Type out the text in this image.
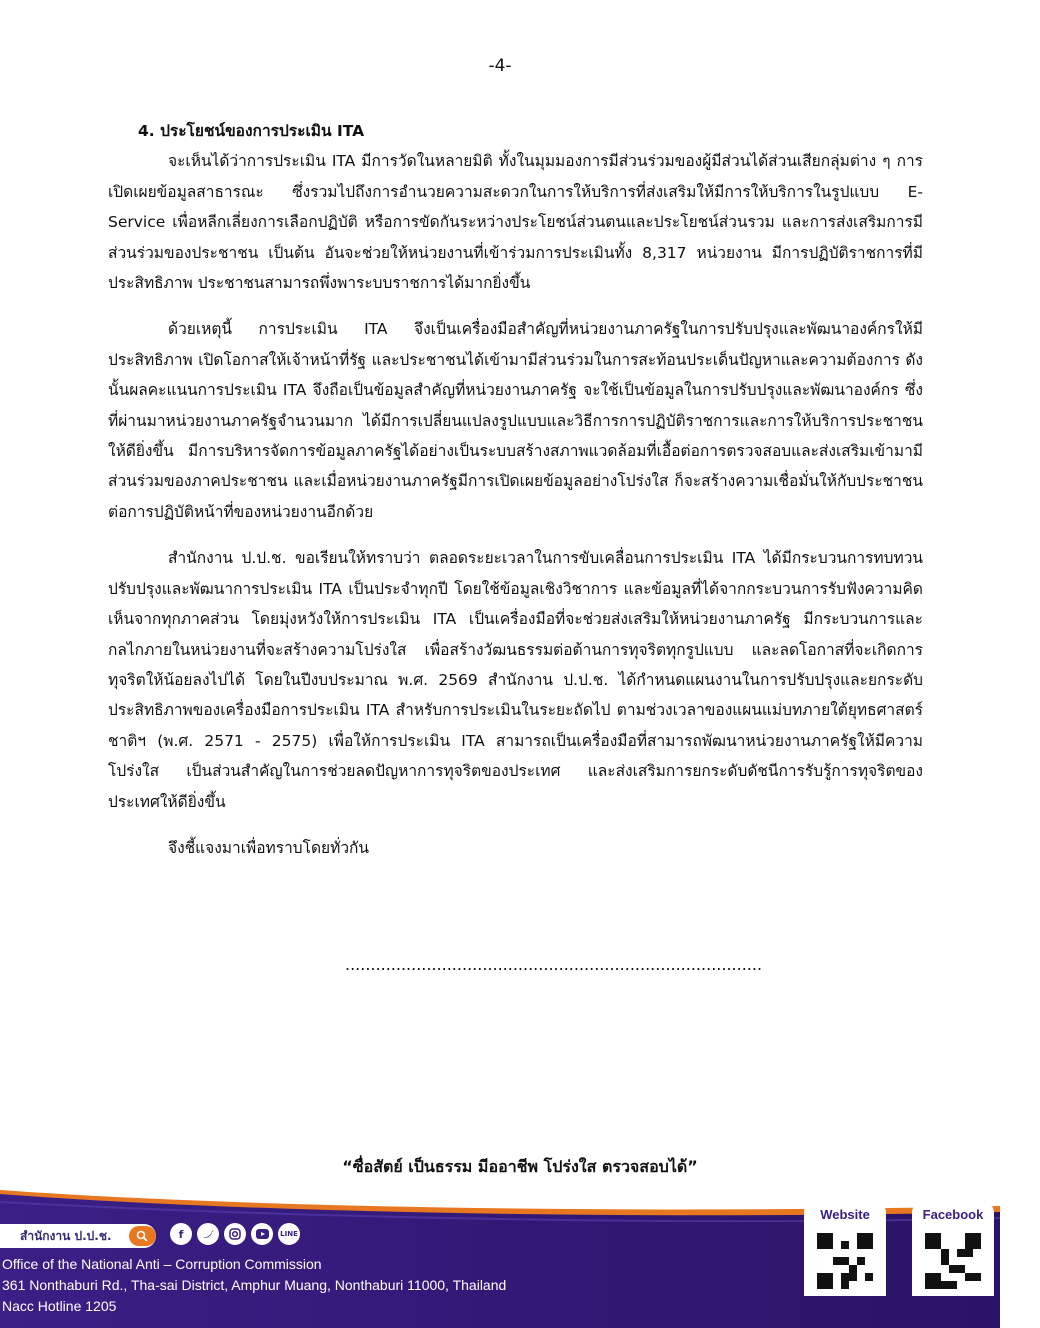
-4-
4. ประโยชน์ของการประเมิน ITA

จะเห็นได้ว่าการประเมิน ITA มีการวัดในหลายมิติ ทั้งในมุมมองการมีส่วนร่วมของผู้มีส่วนได้ส่วนเสียกลุ่มต่าง ๆ การเปิดเผยข้อมูลสาธารณะ ซึ่งรวมไปถึงการอำนวยความสะดวกในการให้บริการที่ส่งเสริมให้มีการให้บริการในรูปแบบ E-Service เพื่อหลีกเลี่ยงการเลือกปฏิบัติ หรือการขัดกันระหว่างประโยชน์ส่วนตนและประโยชน์ส่วนรวม และการส่งเสริมการมีส่วนร่วมของประชาชน เป็นต้น อันจะช่วยให้หน่วยงานที่เข้าร่วมการประเมินทั้ง 8,317 หน่วยงาน มีการปฏิบัติราชการที่มีประสิทธิภาพ ประชาชนสามารถพึ่งพาระบบราชการได้มากยิ่งขึ้น

ด้วยเหตุนี้ การประเมิน ITA จึงเป็นเครื่องมือสำคัญที่หน่วยงานภาครัฐในการปรับปรุงและพัฒนาองค์กรให้มีประสิทธิภาพ เปิดโอกาสให้เจ้าหน้าที่รัฐ และประชาชนได้เข้ามามีส่วนร่วมในการสะท้อนประเด็นปัญหาและความต้องการ ดังนั้นผลคะแนนการประเมิน ITA จึงถือเป็นข้อมูลสำคัญที่หน่วยงานภาครัฐ จะใช้เป็นข้อมูลในการปรับปรุงและพัฒนาองค์กร ซึ่งที่ผ่านมาหน่วยงานภาครัฐจำนวนมาก ได้มีการเปลี่ยนแปลงรูปแบบและวิธีการการปฏิบัติราชการและการให้บริการประชาชนให้ดียิ่งขึ้น มีการบริหารจัดการข้อมูลภาครัฐได้อย่างเป็นระบบสร้างสภาพแวดล้อมที่เอื้อต่อการตรวจสอบและส่งเสริมเข้ามามีส่วนร่วมของภาคประชาชน และเมื่อหน่วยงานภาครัฐมีการเปิดเผยข้อมูลอย่างโปร่งใส ก็จะสร้างความเชื่อมั่นให้กับประชาชนต่อการปฏิบัติหน้าที่ของหน่วยงานอีกด้วย

สำนักงาน ป.ป.ช. ขอเรียนให้ทราบว่า ตลอดระยะเวลาในการขับเคลื่อนการประเมิน ITA ได้มีกระบวนการทบทวน ปรับปรุงและพัฒนาการประเมิน ITA เป็นประจำทุกปี โดยใช้ข้อมูลเชิงวิชาการ และข้อมูลที่ได้จากกระบวนการรับฟังความคิดเห็นจากทุกภาคส่วน โดยมุ่งหวังให้การประเมิน ITA เป็นเครื่องมือที่จะช่วยส่งเสริมให้หน่วยงานภาครัฐ มีกระบวนการและกลไกภายในหน่วยงานที่จะสร้างความโปร่งใส เพื่อสร้างวัฒนธรรมต่อต้านการทุจริตทุกรูปแบบ และลดโอกาสที่จะเกิดการทุจริตให้น้อยลงไปได้ โดยในปีงบประมาณ พ.ศ. 2569 สำนักงาน ป.ป.ช. ได้กำหนดแผนงานในการปรับปรุงและยกระดับประสิทธิภาพของเครื่องมือการประเมิน ITA สำหรับการประเมินในระยะถัดไป ตามช่วงเวลาของแผนแม่บทภายใต้ยุทธศาสตร์ชาติฯ (พ.ศ. 2571 - 2575) เพื่อให้การประเมิน ITA สามารถเป็นเครื่องมือที่สามารถพัฒนาหน่วยงานภาครัฐให้มีความโปร่งใส เป็นส่วนสำคัญในการช่วยลดปัญหาการทุจริตของประเทศ และส่งเสริมการยกระดับดัชนีการรับรู้การทุจริตของประเทศให้ดียิ่งขึ้น

จึงชี้แจงมาเพื่อทราบโดยทั่วกัน
..................................................................................
“ซื่อสัตย์ เป็นธรรม มีออาชีพ โปร่งใส ตรวจสอบได้”
สำนักงาน ป.ป.ช.	f	LINE
Office of the National Anti – Corruption Commission
361 Nonthaburi Rd., Tha-sai District, Amphur Muang, Nonthaburi 11000, Thailand
Nacc Hotline 1205
Website	Facebook
